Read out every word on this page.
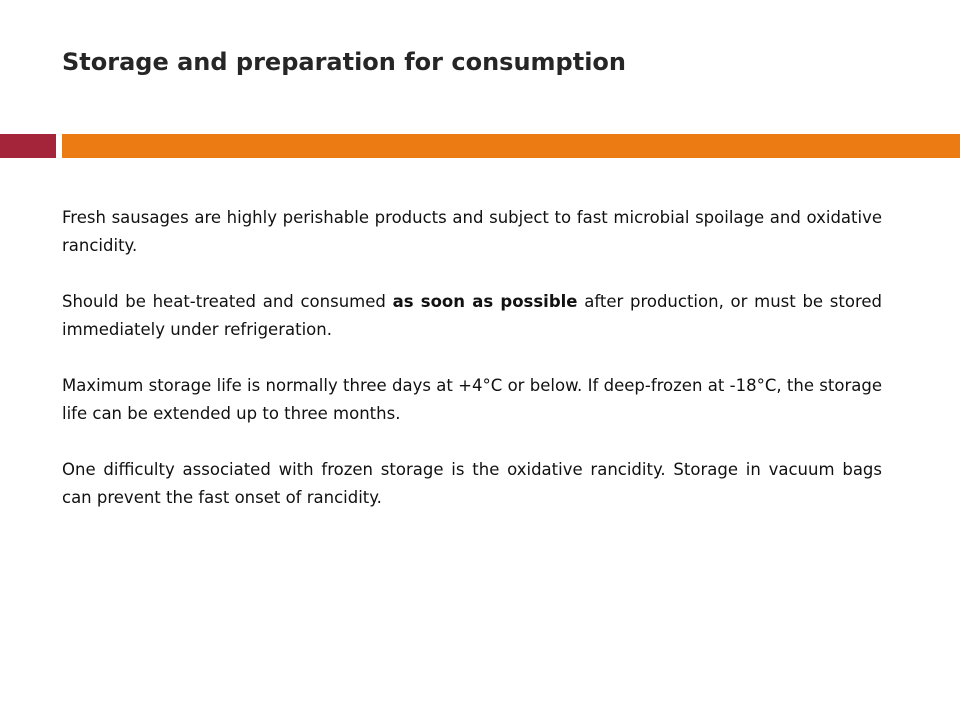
Storage and preparation for consumption

Fresh sausages are highly perishable products and subject to fast microbial spoilage and oxidative rancidity.

Should be heat-treated and consumed as soon as possible after production, or must be stored immediately under refrigeration.

Maximum storage life is normally three days at +4°C or below. If deep-frozen at -18°C, the storage life can be extended up to three months.

One difficulty associated with frozen storage is the oxidative rancidity. Storage in vacuum bags can prevent the fast onset of rancidity.
